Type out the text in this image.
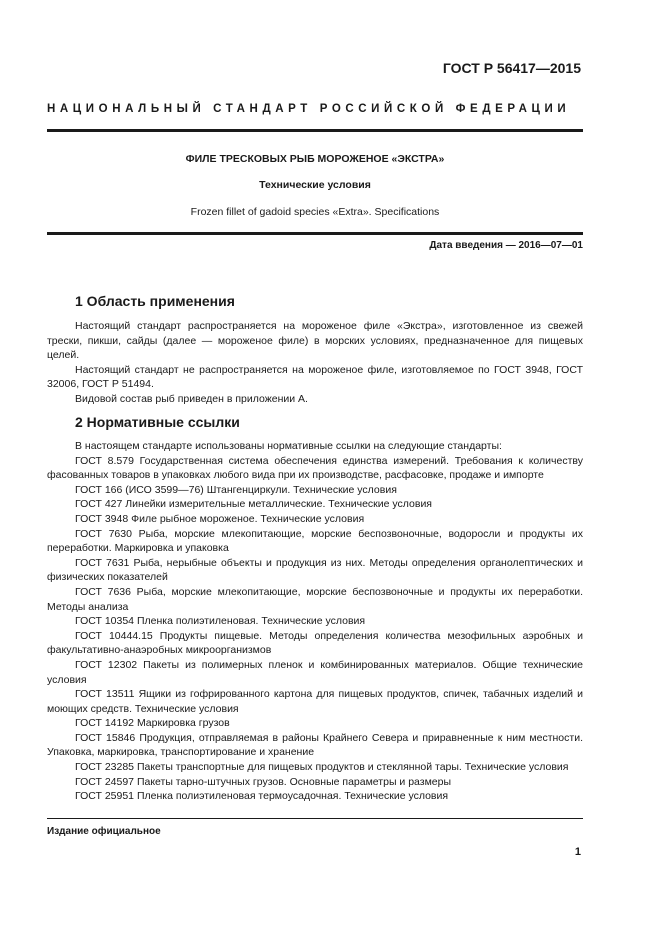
ГОСТ Р 56417—2015
НАЦИОНАЛЬНЫЙ СТАНДАРТ РОССИЙСКОЙ ФЕДЕРАЦИИ
ФИЛЕ ТРЕСКОВЫХ РЫБ МОРОЖЕНОЕ «ЭКСТРА»
Технические условия
Frozen fillet of gadoid species «Extra». Specifications
Дата введения — 2016—07—01
1 Область применения

Настоящий стандарт распространяется на мороженое филе «Экстра», изготовленное из свежей трески, пикши, сайды (далее — мороженое филе) в морских условиях, предназначенное для пищевых целей.

Настоящий стандарт не распространяется на мороженое филе, изготовляемое по ГОСТ 3948, ГОСТ 32006, ГОСТ Р 51494.

Видовой состав рыб приведен в приложении А.

2 Нормативные ссылки

В настоящем стандарте использованы нормативные ссылки на следующие стандарты:

ГОСТ 8.579 Государственная система обеспечения единства измерений. Требования к количеству фасованных товаров в упаковках любого вида при их производстве, расфасовке, продаже и импорте

ГОСТ 166 (ИСО 3599—76) Штангенциркули. Технические условия

ГОСТ 427 Линейки измерительные металлические. Технические условия

ГОСТ 3948 Филе рыбное мороженое. Технические условия

ГОСТ 7630 Рыба, морские млекопитающие, морские беспозвоночные, водоросли и продукты их переработки. Маркировка и упаковка

ГОСТ 7631 Рыба, нерыбные объекты и продукция из них. Методы определения органолептических и физических показателей

ГОСТ 7636 Рыба, морские млекопитающие, морские беспозвоночные и продукты их переработки. Методы анализа

ГОСТ 10354 Пленка полиэтиленовая. Технические условия

ГОСТ 10444.15 Продукты пищевые. Методы определения количества мезофильных аэробных и факультативно-анаэробных микроорганизмов

ГОСТ 12302 Пакеты из полимерных пленок и комбинированных материалов. Общие технические условия

ГОСТ 13511 Ящики из гофрированного картона для пищевых продуктов, спичек, табачных изделий и моющих средств. Технические условия

ГОСТ 14192 Маркировка грузов

ГОСТ 15846 Продукция, отправляемая в районы Крайнего Севера и приравненные к ним местности. Упаковка, маркировка, транспортирование и хранение

ГОСТ 23285 Пакеты транспортные для пищевых продуктов и стеклянной тары. Технические условия

ГОСТ 24597 Пакеты тарно-штучных грузов. Основные параметры и размеры

ГОСТ 25951 Пленка полиэтиленовая термоусадочная. Технические условия

Издание официальное
1
